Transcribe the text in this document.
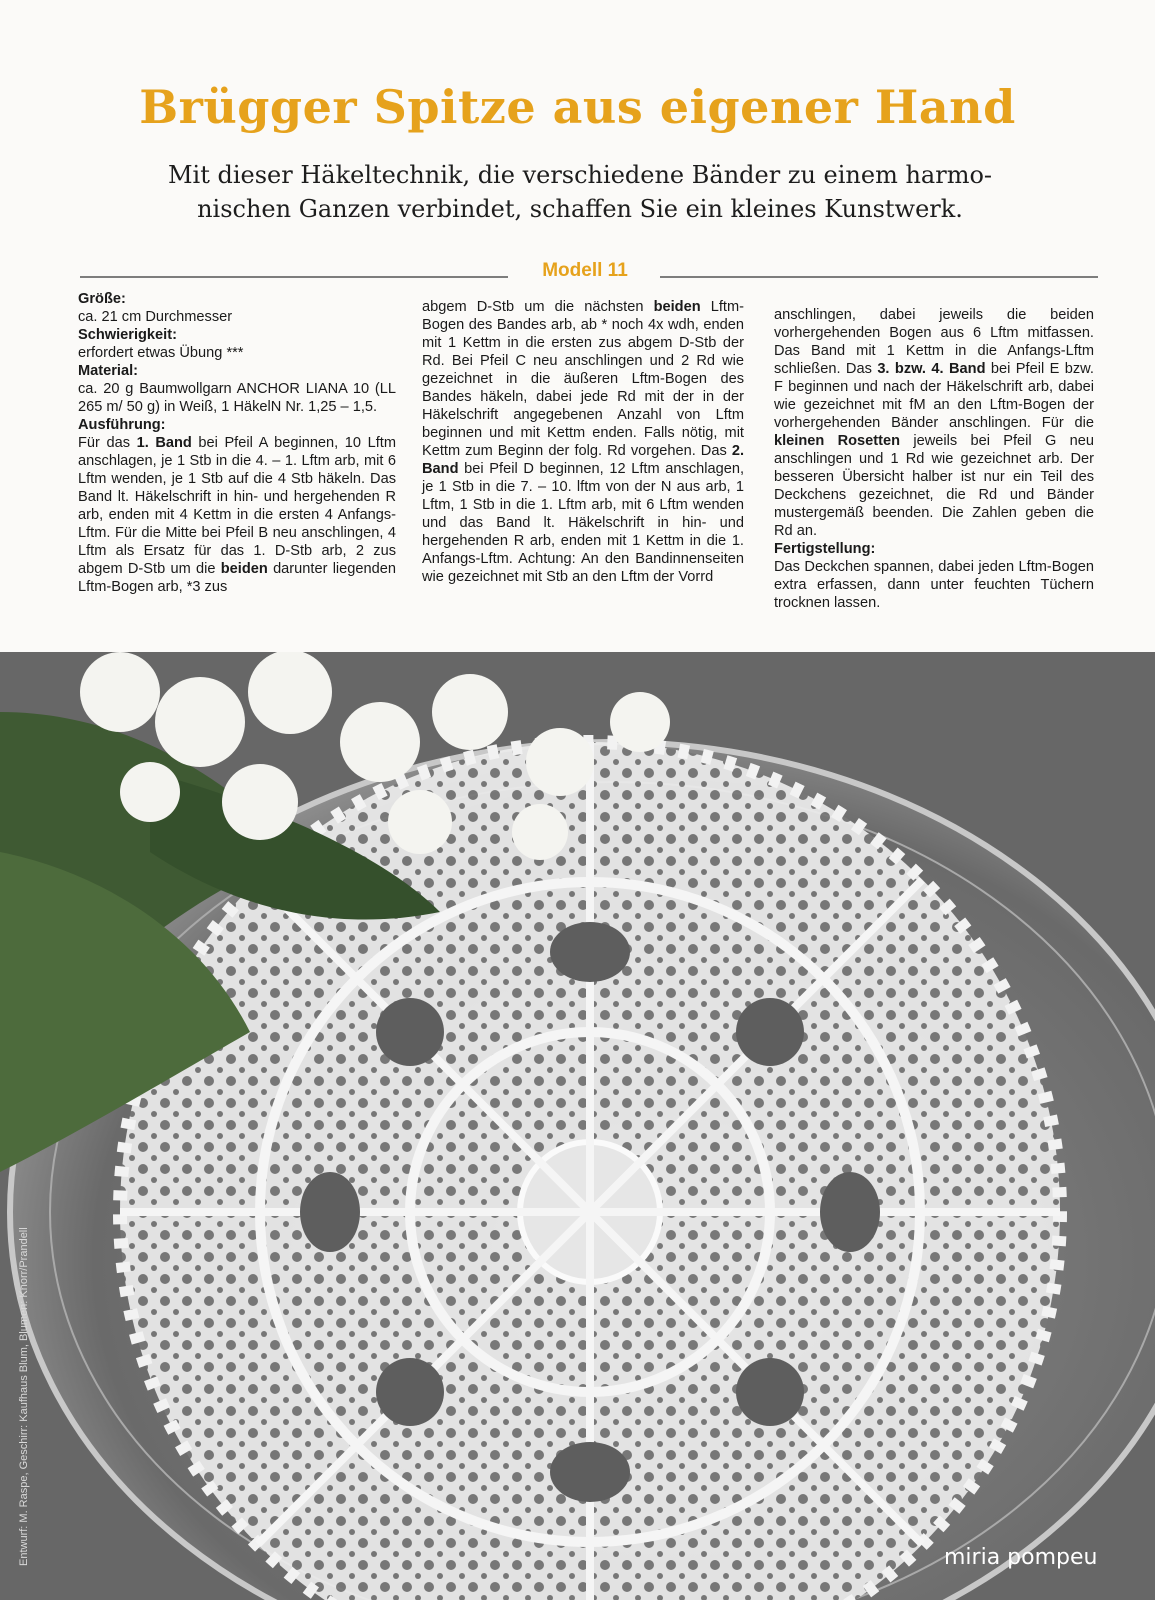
Brügger Spitze aus eigener Hand
Mit dieser Häkeltechnik, die verschiedene Bänder zu einem harmo-
nischen Ganzen verbindet, schaffen Sie ein kleines Kunstwerk.
Modell 11

Größe:

ca. 21 cm Durchmesser

Schwierigkeit:

erfordert etwas Übung ***

Material:

ca. 20 g Baumwollgarn ANCHOR LIANA 10 (LL 265 m/ 50 g) in Weiß, 1 HäkelN Nr. 1,25 – 1,5.

Ausführung:

Für das 1. Band bei Pfeil A beginnen, 10 Lftm anschlagen, je 1 Stb in die 4. – 1. Lftm arb, mit 6 Lftm wenden, je 1 Stb auf die 4 Stb häkeln. Das Band lt. Häkelschrift in hin- und hergehenden R arb, enden mit 4 Kettm in die ersten 4 Anfangs-Lftm. Für die Mitte bei Pfeil B neu anschlingen, 4 Lftm als Ersatz für das 1. D-Stb arb, 2 zus abgem D-Stb um die beiden darunter liegenden Lftm-Bogen arb, *3 zus

abgem D-Stb um die nächsten beiden Lftm-Bogen des Bandes arb, ab * noch 4x wdh, enden mit 1 Kettm in die ersten zus abgem D-Stb der Rd. Bei Pfeil C neu anschlingen und 2 Rd wie gezeichnet in die äußeren Lftm-Bogen des Bandes häkeln, dabei jede Rd mit der in der Häkelschrift angegebenen Anzahl von Lftm beginnen und mit Kettm enden. Falls nötig, mit Kettm zum Beginn der folg. Rd vorgehen. Das 2. Band bei Pfeil D beginnen, 12 Lftm anschlagen, je 1 Stb in die 7. – 10. lftm von der N aus arb, 1 Lftm, 1 Stb in die 1. Lftm arb, mit 6 Lftm wenden und das Band lt. Häkelschrift in hin- und hergehenden R arb, enden mit 1 Kettm in die 1. Anfangs-Lftm. Achtung: An den Bandinnenseiten wie gezeichnet mit Stb an den Lftm der Vorrd

anschlingen, dabei jeweils die beiden vorhergehenden Bogen aus 6 Lftm mitfassen. Das Band mit 1 Kettm in die Anfangs-Lftm schließen. Das 3. bzw. 4. Band bei Pfeil E bzw. F beginnen und nach der Häkelschrift arb, dabei wie gezeichnet mit fM an den Lftm-Bogen der vorhergehenden Bänder anschlingen. Für die kleinen Rosetten jeweils bei Pfeil G neu anschlingen und 1 Rd wie gezeichnet arb. Der besseren Übersicht halber ist nur ein Teil des Deckchens gezeichnet, die Rd und Bänder mustergemäß beenden. Die Zahlen geben die Rd an.

Fertigstellung:

Das Deckchen spannen, dabei jeden Lftm-Bogen extra erfassen, dann unter feuchten Tüchern trocknen lassen.

Entwurf: M. Raspe, Geschirr: Kaufhaus Blum, Blumen: Knorr/Prandell	miria pompeu
